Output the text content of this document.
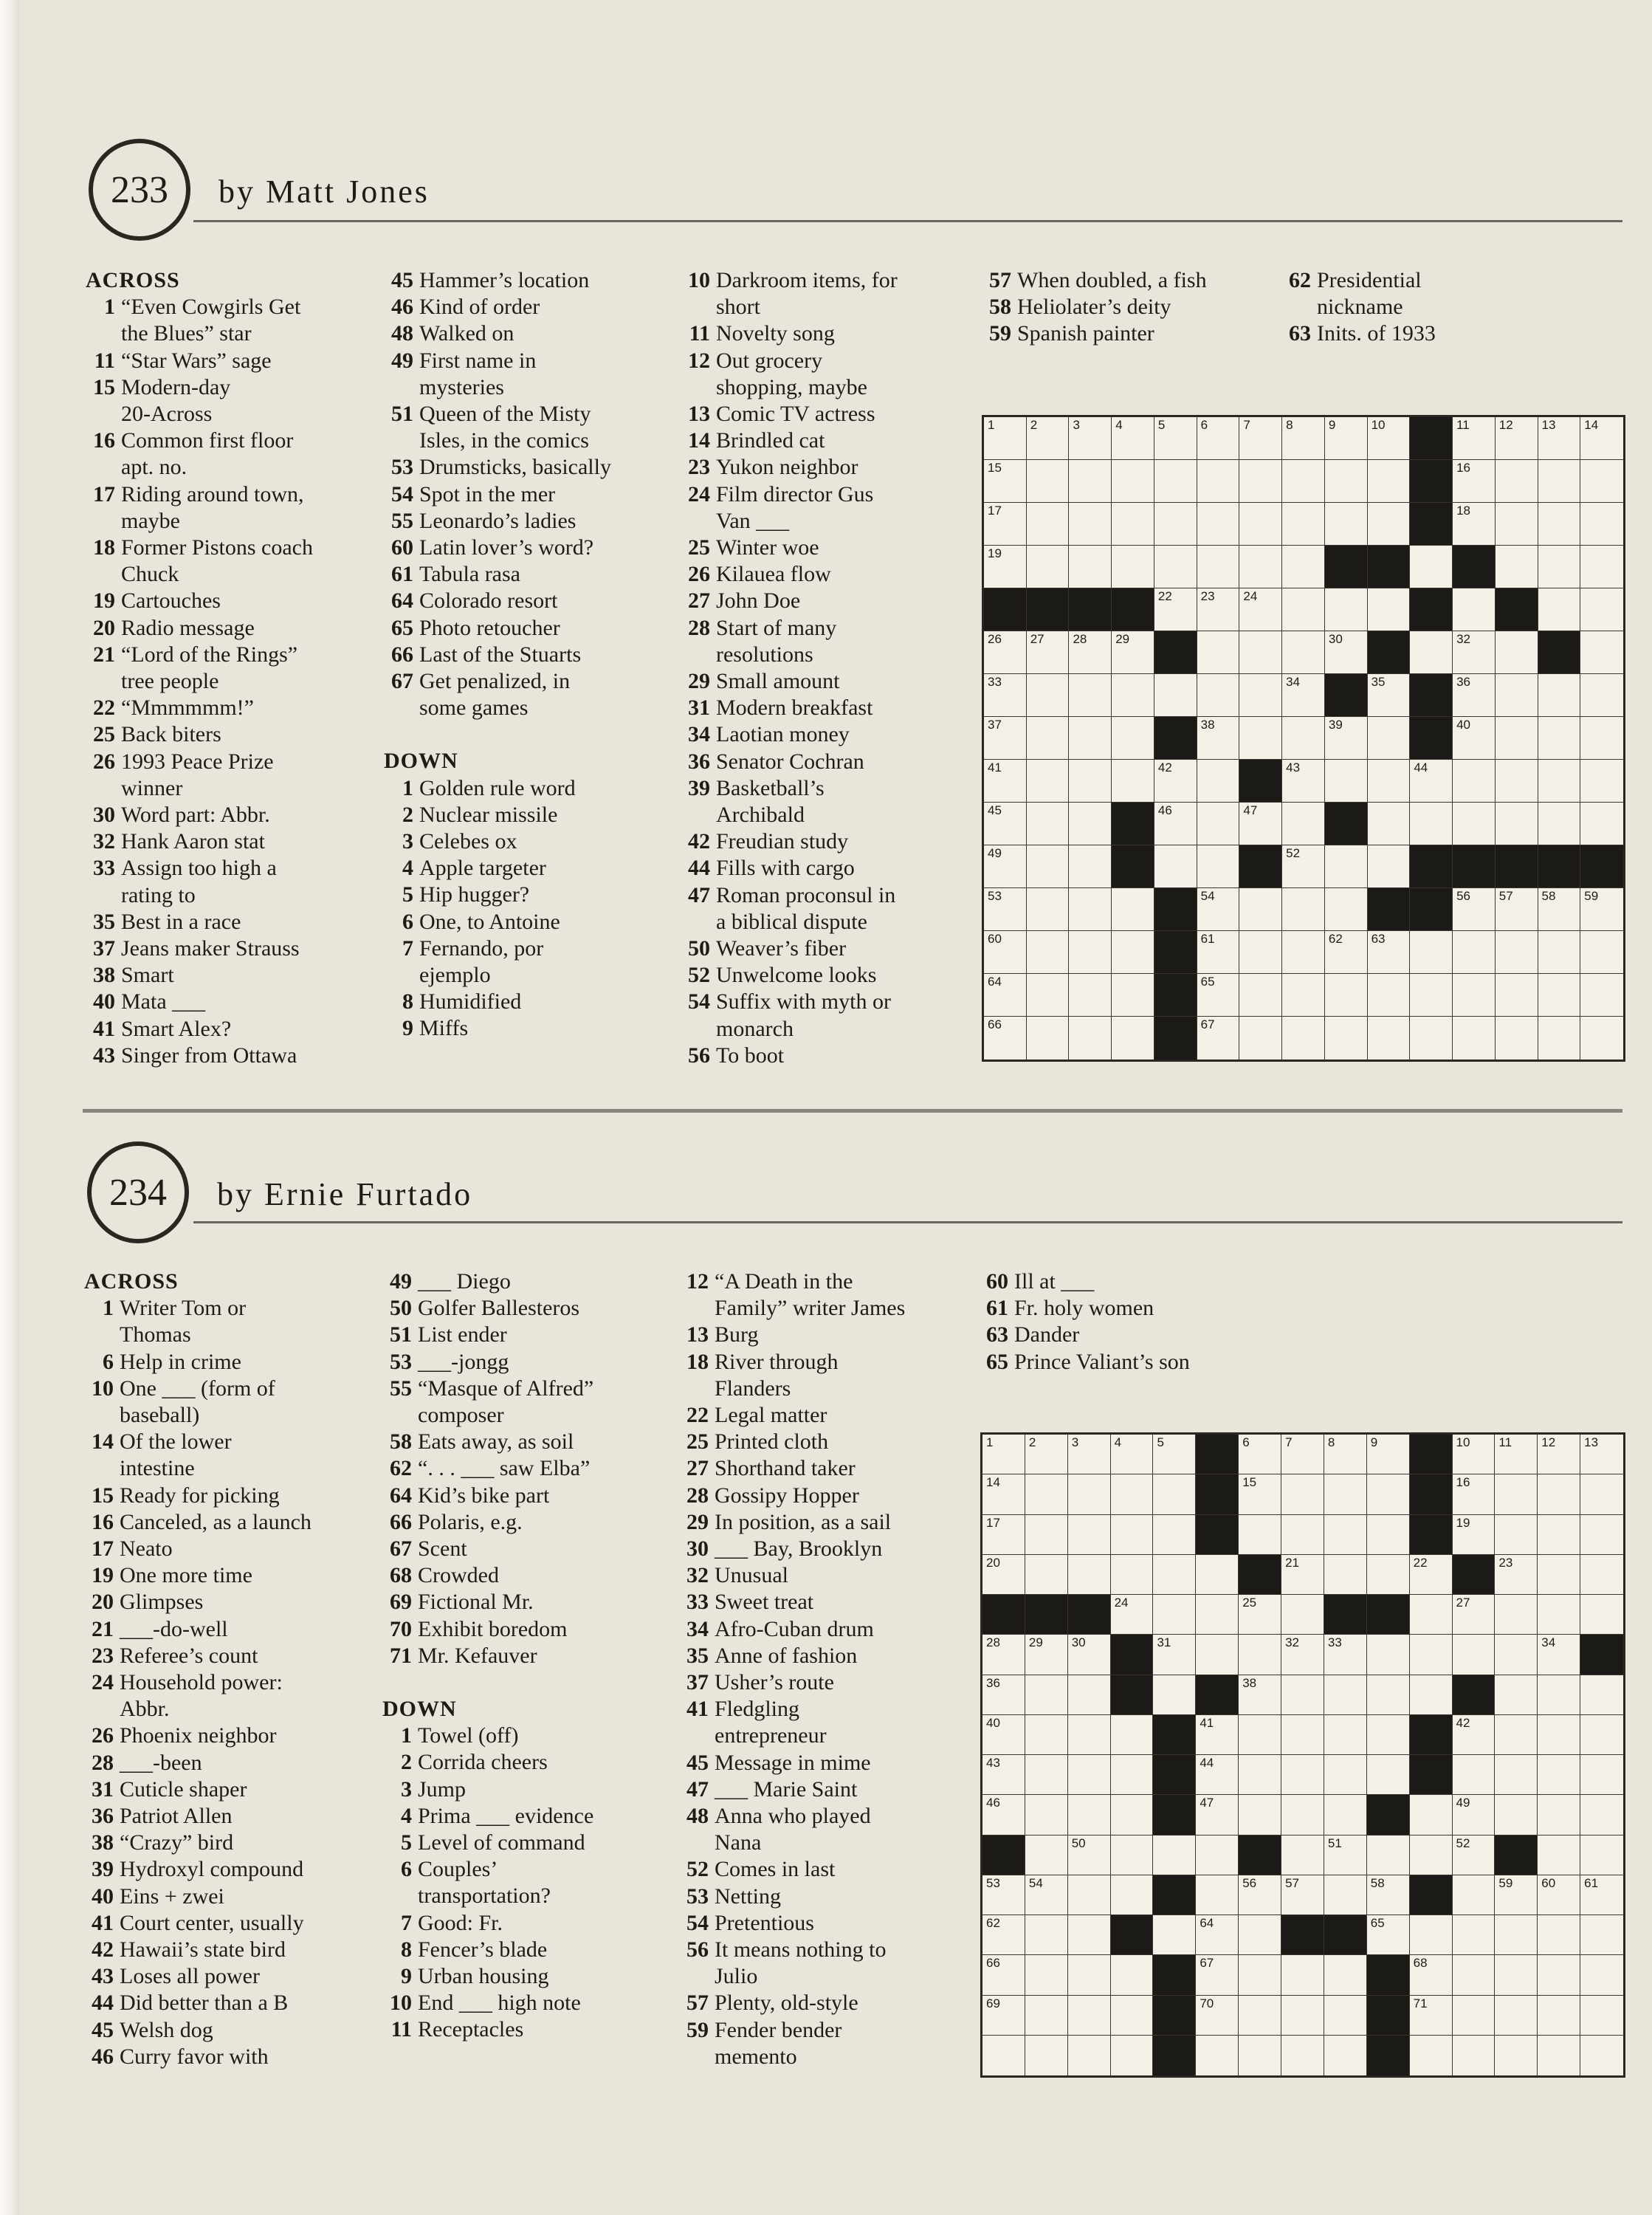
233 by Matt Jones
ACROSS
1 “Even Cowgirls Get
the Blues” star
11 “Star Wars” sage
15 Modern-day
20-Across
16 Common first floor
apt. no.
17 Riding around town,
maybe
18 Former Pistons coach
Chuck
19 Cartouches
20 Radio message
21 “Lord of the Rings”
tree people
22 “Mmmmmm!”
25 Back biters
26 1993 Peace Prize
winner
30 Word part: Abbr.
32 Hank Aaron stat
33 Assign too high a
rating to
35 Best in a race
37 Jeans maker Strauss
38 Smart
40 Mata ___
41 Smart Alex?
43 Singer from Ottawa
45 Hammer’s location
46 Kind of order
48 Walked on
49 First name in
mysteries
51 Queen of the Misty
Isles, in the comics
53 Drumsticks, basically
54 Spot in the mer
55 Leonardo’s ladies
60 Latin lover’s word?
61 Tabula rasa
64 Colorado resort
65 Photo retoucher
66 Last of the Stuarts
67 Get penalized, in
some games
DOWN
1 Golden rule word
2 Nuclear missile
3 Celebes ox
4 Apple targeter
5 Hip hugger?
6 One, to Antoine
7 Fernando, por
ejemplo
8 Humidified
9 Miffs
10 Darkroom items, for
short
11 Novelty song
12 Out grocery
shopping, maybe
13 Comic TV actress
14 Brindled cat
23 Yukon neighbor
24 Film director Gus
Van ___
25 Winter woe
26 Kilauea flow
27 John Doe
28 Start of many
resolutions
29 Small amount
31 Modern breakfast
34 Laotian money
36 Senator Cochran
39 Basketball’s
Archibald
42 Freudian study
44 Fills with cargo
47 Roman proconsul in
a biblical dispute
50 Weaver’s fiber
52 Unwelcome looks
54 Suffix with myth or
monarch
56 To boot
57 When doubled, a fish
58 Heliolater’s deity
59 Spanish painter
62 Presidential
nickname
63 Inits. of 1933
1	2	3	4	5	6	7	8	9	10	11 12 13 14
15	16
17	18
19
22 23 24
26 27 28 29	30	32
33	34	35	36
37	38	39	40
41	42	43	44
45	46	47
49	52
53	54	56 57 58 59
60	61	62 63
64	65
66	67
234 by Ernie Furtado
ACROSS
1 Writer Tom or
Thomas
6 Help in crime
10 One ___ (form of
baseball)
14 Of the lower
intestine
15 Ready for picking
16 Canceled, as a launch
17 Neato
19 One more time
20 Glimpses
21 ___-do-well
23 Referee’s count
24 Household power:
Abbr.
26 Phoenix neighbor
28 ___-been
31 Cuticle shaper
36 Patriot Allen
38 “Crazy” bird
39 Hydroxyl compound
40 Eins + zwei
41 Court center, usually
42 Hawaii’s state bird
43 Loses all power
44 Did better than a B
45 Welsh dog
46 Curry favor with
49 ___ Diego
50 Golfer Ballesteros
51 List ender
53 ___-jongg
55 “Masque of Alfred”
composer
58 Eats away, as soil
62 “. . . ___ saw Elba”
64 Kid’s bike part
66 Polaris, e.g.
67 Scent
68 Crowded
69 Fictional Mr.
70 Exhibit boredom
71 Mr. Kefauver
DOWN
1 Towel (off)
2 Corrida cheers
3 Jump
4 Prima ___ evidence
5 Level of command
6 Couples’
transportation?
7 Good: Fr.
8 Fencer’s blade
9 Urban housing
10 End ___ high note
11 Receptacles
12 “A Death in the
Family” writer James
13 Burg
18 River through
Flanders
22 Legal matter
25 Printed cloth
27 Shorthand taker
28 Gossipy Hopper
29 In position, as a sail
30 ___ Bay, Brooklyn
32 Unusual
33 Sweet treat
34 Afro-Cuban drum
35 Anne of fashion
37 Usher’s route
41 Fledgling
entrepreneur
45 Message in mime
47 ___ Marie Saint
48 Anna who played
Nana
52 Comes in last
53 Netting
54 Pretentious
56 It means nothing to
Julio
57 Plenty, old-style
59 Fender bender
memento
60 Ill at ___
61 Fr. holy women
63 Dander
65 Prince Valiant’s son
1	2	3	4	5	6	7	8	9	10 11 12 13
14	15	16
17	19
20	21	22	23
24	25	27
28 29 30	31	32 33	34
36	38
40	41	42
43	44
46	47	49
50	51	52
53 54	56 57	58	59 60 61
62	64	65
66	67	68
69	70	71
